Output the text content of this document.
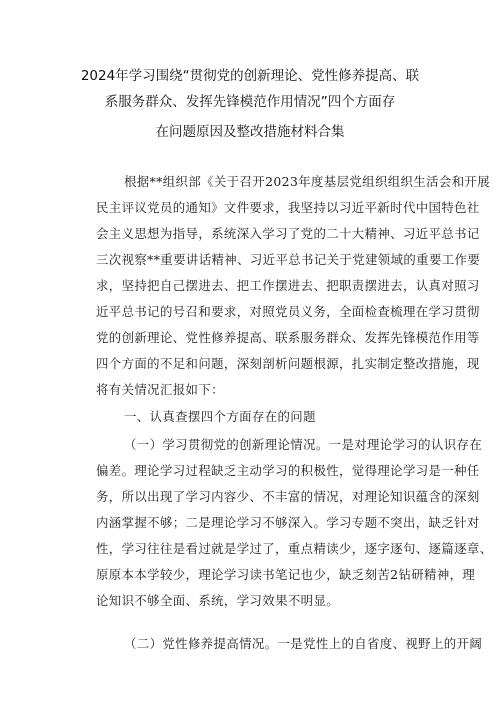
2024年学习围绕“贯彻党的创新理论、党性修养提高、联
系服务群众、发挥先锋模范作用情况”四个方面存
在问题原因及整改措施材料合集
根据**组织部《关于召开2023年度基层党组织组织生活会和开展
民主评议党员的通知》文件要求，我坚持以习近平新时代中国特色社
会主义思想为指导，系统深入学习了党的二十大精神、习近平总书记
三次视察**重要讲话精神、习近平总书记关于党建领域的重要工作要
求，坚持把自己摆进去、把工作摆进去、把职责摆进去，认真对照习
近平总书记的号召和要求，对照党员义务，全面检查梳理在学习贯彻
党的创新理论、党性修养提高、联系服务群众、发挥先锋模范作用等
四个方面的不足和问题，深刻剖析问题根源，扎实制定整改措施，现
将有关情况汇报如下：
一、认真查摆四个方面存在的问题
（一）学习贯彻党的创新理论情况。一是对理论学习的认识存在
偏差。理论学习过程缺乏主动学习的积极性，觉得理论学习是一种任
务，所以出现了学习内容少、不丰富的情况，对理论知识蕴含的深刻
内涵掌握不够；二是理论学习不够深入。学习专题不突出，缺乏针对
性，学习往往是看过就是学过了，重点精读少，逐字逐句、逐篇逐章、
原原本本学较少，理论学习读书笔记也少，缺乏刻苦2钻研精神，理
论知识不够全面、系统，学习效果不明显。
（二）党性修养提高情况。一是党性上的自省度、视野上的开阔
